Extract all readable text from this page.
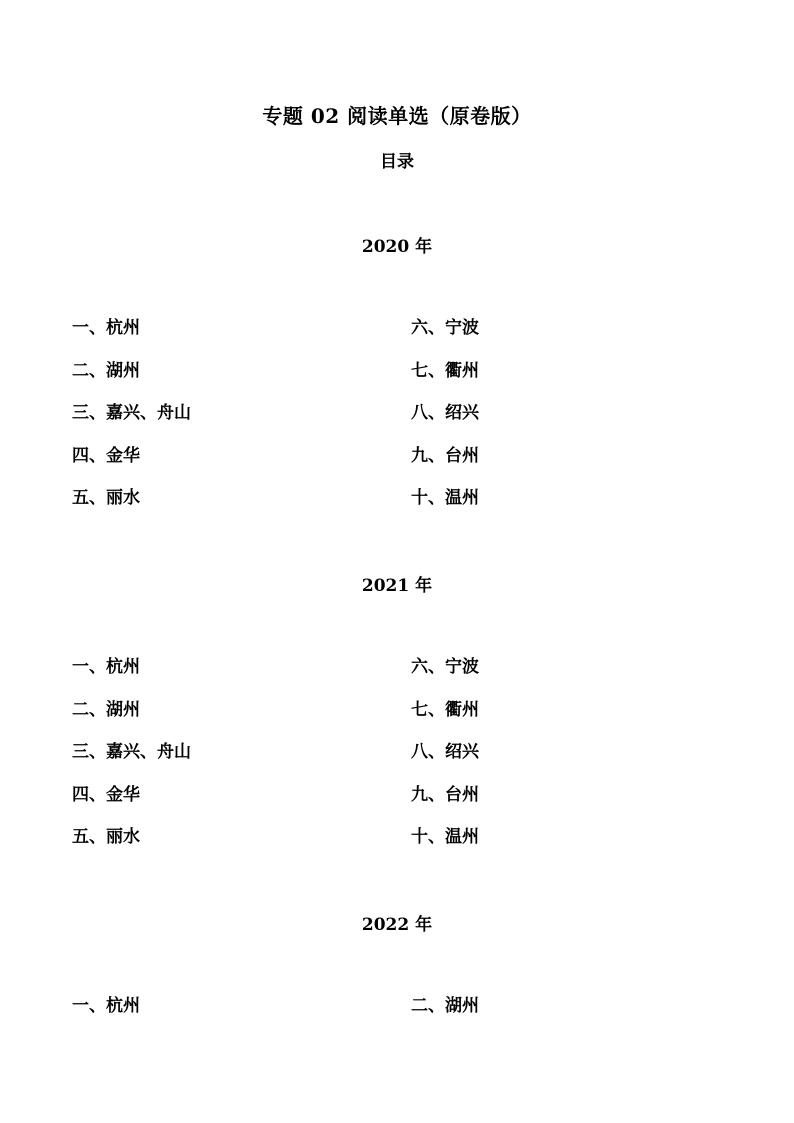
专题 02 阅读单选（原卷版）
目录
2020 年
一、杭州	六、宁波
二、湖州	七、衢州
三、嘉兴、舟山	八、绍兴
四、金华	九、台州
五、丽水	十、温州
2021 年
一、杭州	六、宁波
二、湖州	七、衢州
三、嘉兴、舟山	八、绍兴
四、金华	九、台州
五、丽水	十、温州
2022 年
一、杭州	二、湖州
